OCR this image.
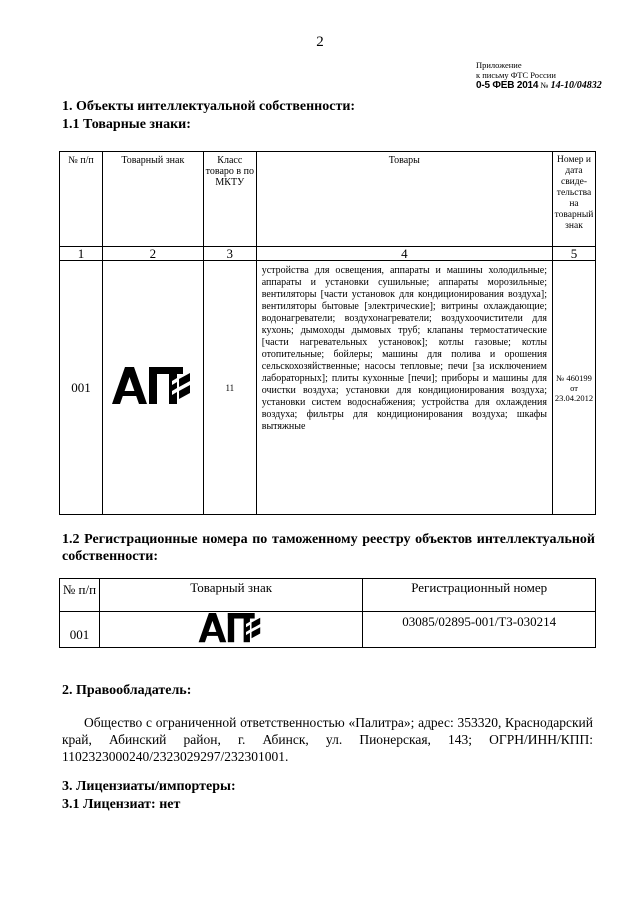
2
Приложение
к письму ФТС России
0-5 ФЕВ 2014 № 14-10/04832
1. Объекты интеллектуальной собственности:
1.1 Товарные знаки:
№ п/п	Товарный знак	Класс товаро в по МКТУ	Товары	Номер и дата свиде- тельства на товарный знак
1	2	3	4	5
001		11	устройства для освещения, аппараты и машины холодильные; аппараты и установки сушильные; аппараты морозильные; вентиляторы [части установок для кондиционирования воздуха]; вентиляторы бытовые [электрические]; витрины охлаждающие; водонагреватели; воздухонагреватели; воздухоочистители для кухонь; дымоходы дымовых труб; клапаны термостатические [части нагревательных установок]; котлы газовые; котлы отопительные; бойлеры; машины для полива и орошения сельскохозяйственные; насосы тепловые; печи [за исключением лабораторных]; плиты кухонные [печи]; приборы и машины для очистки воздуха; установки для кондиционирования воздуха; установки систем водоснабжения; устройства для охлаждения воздуха; фильтры для кондиционирования воздуха; шкафы вытяжные	№ 460199 от 23.04.2012
1.2 Регистрационные номера по таможенному реестру объектов интеллектуальной собственности:
№ п/п	Товарный знак	Регистрационный номер
001		03085/02895-001/ТЗ-030214
2. Правообладатель:
Общество с ограниченной ответственностью «Палитра»; адрес: 353320, Краснодарский край, Абинский район, г. Абинск, ул. Пионерская, 143; ОГРН/ИНН/КПП: 1102323000240/2323029297/232301001.
3. Лицензиаты/импортеры:
3.1 Лицензиат: нет
